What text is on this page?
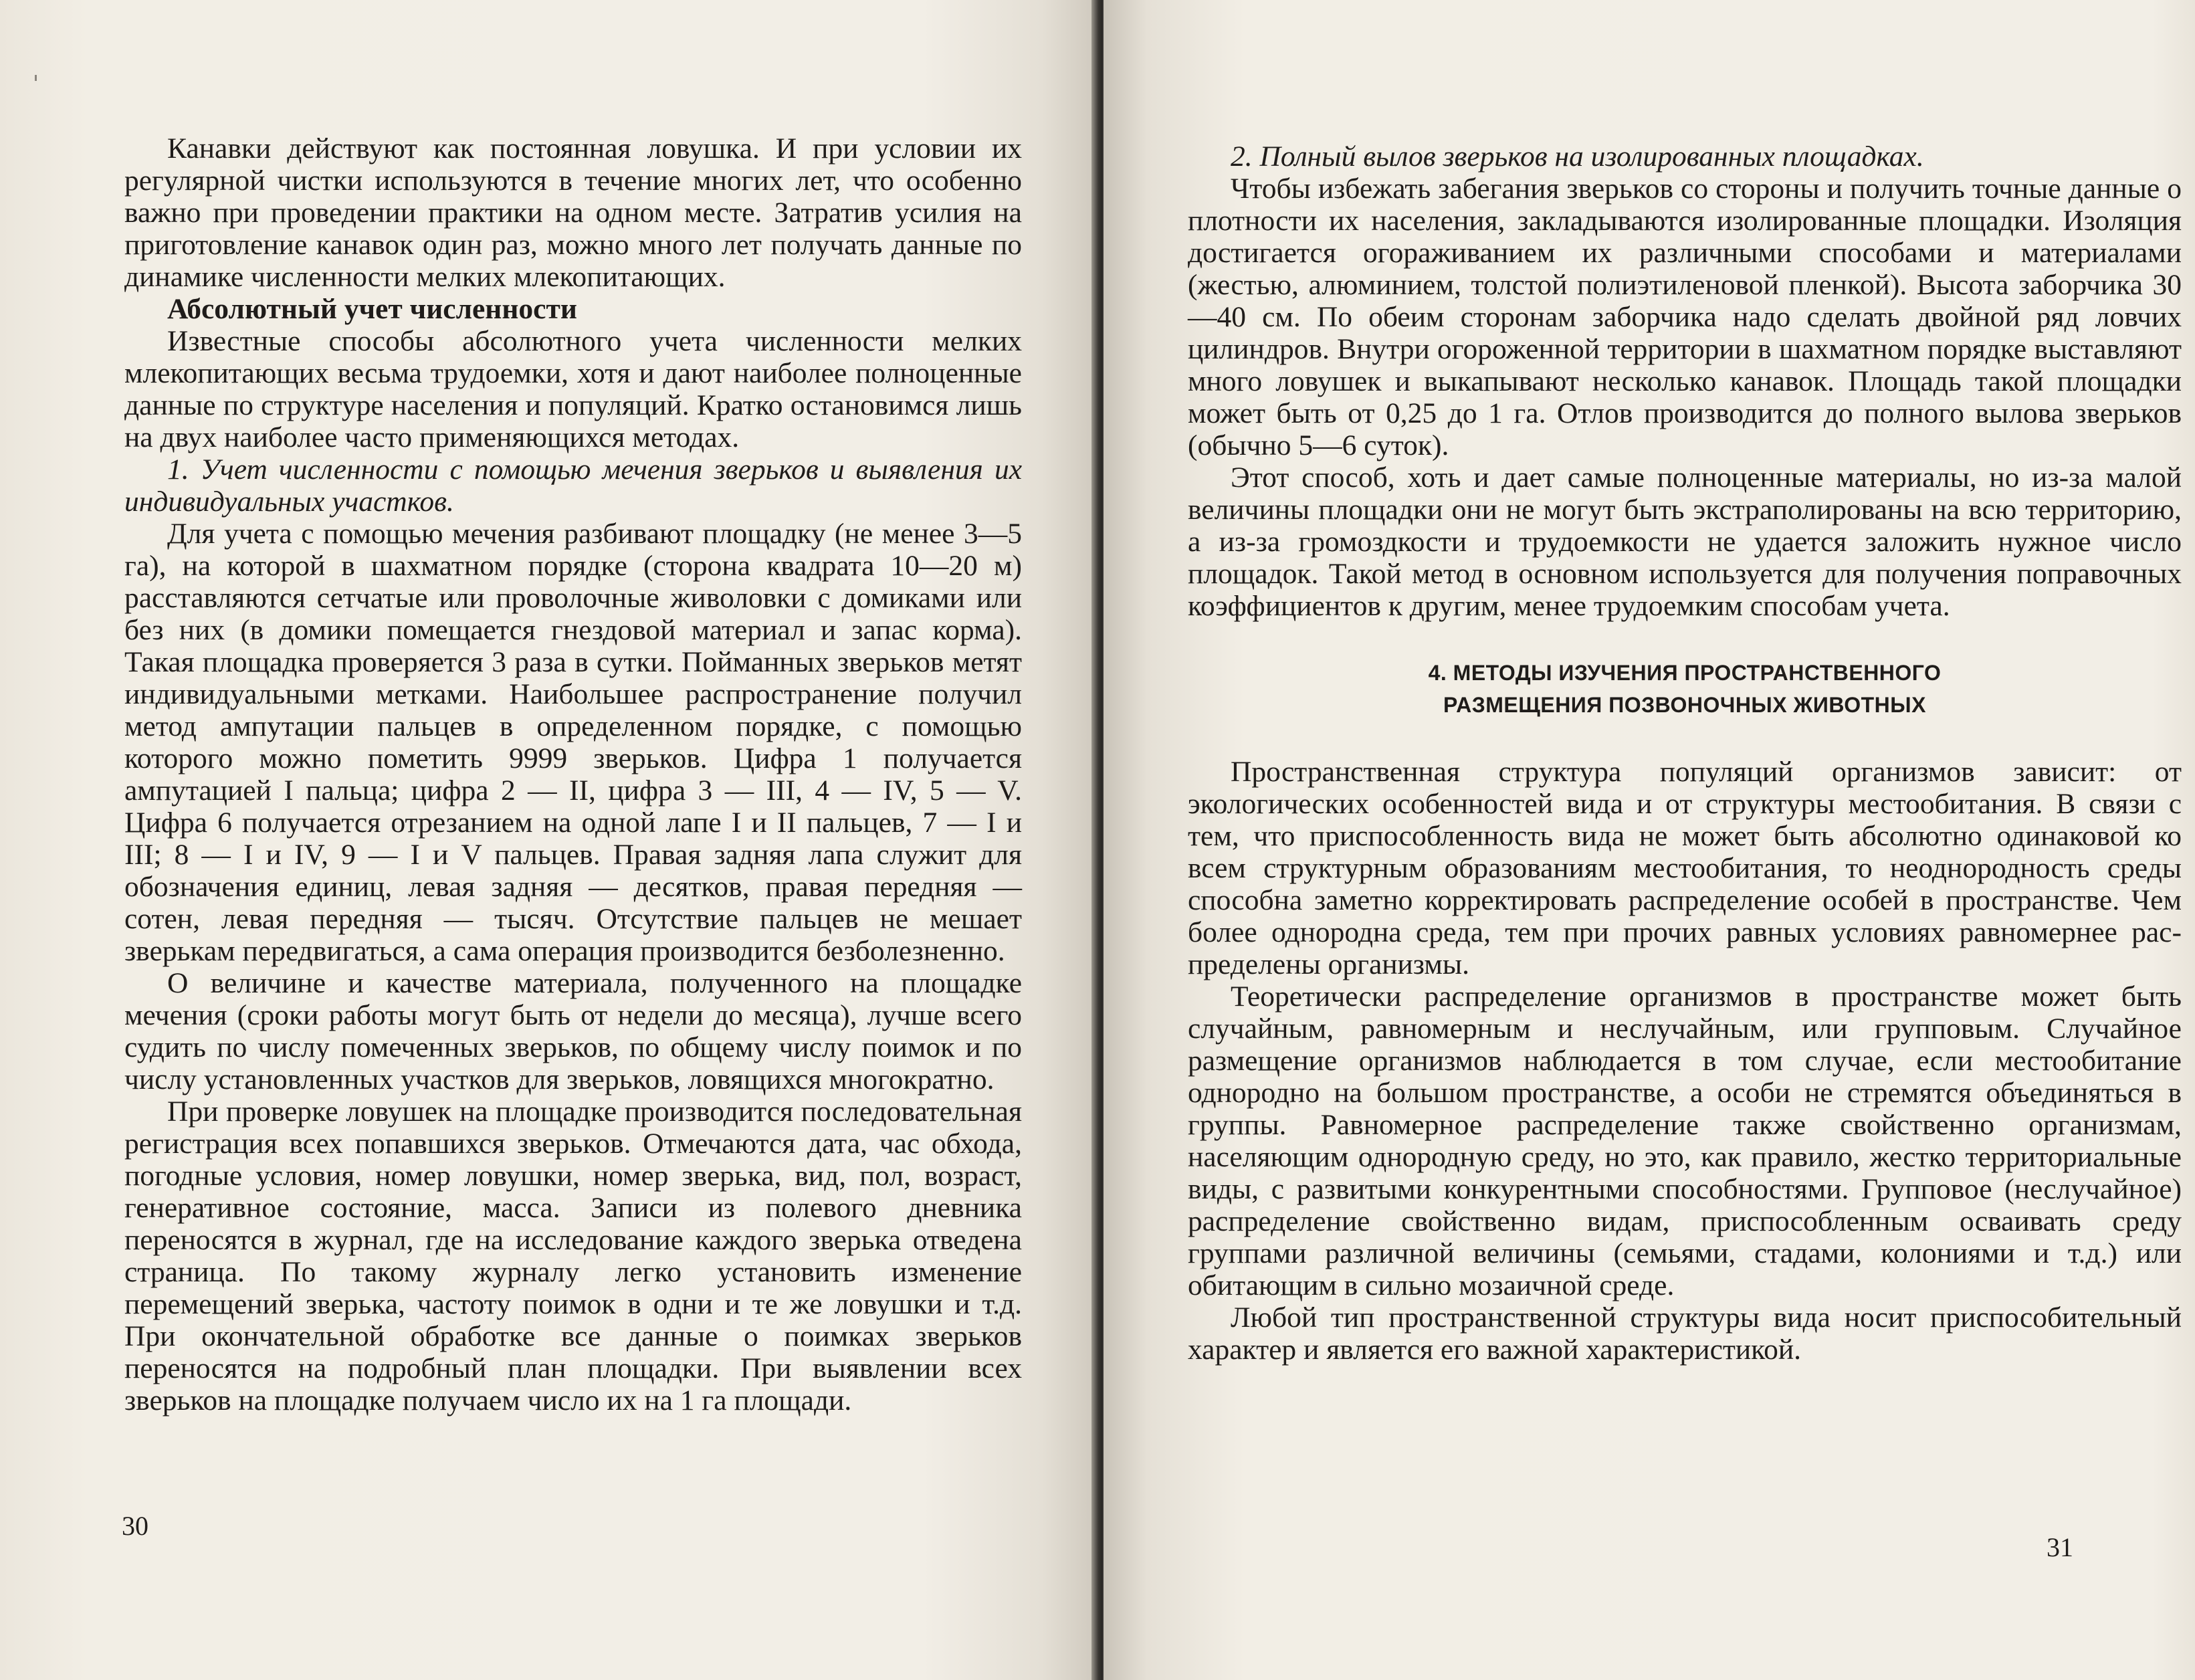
Канавки действуют как постоянная ловушка. И при условии их регулярной чистки используются в течение многих лет, что особенно важно при проведении практики на одном месте. Затратив усилия на приготовление канавок один раз, можно много лет получать данные по динамике численности мелких млекопитающих.

Абсолютный учет численности

Известные способы абсолютного учета численности мелких млекопитающих весьма трудоемки, хотя и дают наиболее полноценные данные по структуре населения и популяций. Кратко остановимся лишь на двух наиболее часто применяющихся методах.

1. Учет численности с помощью мечения зверьков и выявления их индивидуальных участков.

Для учета с помощью мечения разбивают площадку (не менее 3—5 га), на которой в шахматном порядке (сторона квадрата 10—20 м) расставляются сетчатые или проволочные живоловки с домиками или без них (в домики помещается гнездовой материал и запас корма). Такая площадка проверяется 3 раза в сутки. Пойманных зверьков метят индивидуальными метками. Наибольшее распространение получил метод ампутации пальцев в определенном порядке, с помощью которого можно пометить 9999 зверьков. Цифра 1 получается ампутацией I пальца; цифра 2 — II, цифра 3 — III, 4 — IV, 5 — V. Цифра 6 получается отрезанием на одной лапе I и II пальцев, 7 — I и III; 8 — I и IV, 9 — I и V пальцев. Правая задняя лапа служит для обозначения единиц, левая задняя — десятков, правая передняя — сотен, левая передняя — тысяч. Отсутствие пальцев не мешает зверькам передвигаться, а сама операция производится безболезненно.

О величине и качестве материала, полученного на площадке мечения (сроки работы могут быть от недели до месяца), лучше всего судить по числу помеченных зверьков, по общему числу поимок и по числу установленных участков для зверьков, ловящихся многократно.

При проверке ловушек на площадке производится последовательная регистрация всех попавшихся зверьков. Отмечаются дата, час обхода, погодные условия, номер ловушки, номер зверька, вид, пол, возраст, генеративное состояние, масса. Записи из полевого дневника переносятся в журнал, где на исследование каждого зверька отведена страница. По такому журналу легко установить изменение перемещений зверька, частоту поимок в одни и те же ловушки и т.д. При окончательной обработке все данные о поимках зверьков переносятся на подробный план площадки. При выявлении всех зверьков на площадке получаем число их на 1 га площади.

30

2. Полный вылов зверьков на изолированных площадках.

Чтобы избежать забегания зверьков со стороны и получить точные данные о плотности их населения, закладываются изолированные площадки. Изоляция достигается огораживанием их различными способами и материалами (жестью, алюминием, толстой полиэтиленовой пленкой). Высота заборчика 30—40 см. По обеим сторонам заборчика надо сделать двойной ряд ловчих цилиндров. Внутри огороженной территории в шахматном порядке выставляют много ловушек и выкапывают несколько канавок. Площадь такой площадки может быть от 0,25 до 1 га. Отлов производится до полного вылова зверьков (обычно 5—6 суток).

Этот способ, хоть и дает самые полноценные материалы, но из-за малой величины площадки они не могут быть экстраполированы на всю территорию, а из-за громоздкости и трудоемкости не удается заложить нужное число площадок. Такой метод в основном используется для получения поправочных коэффициентов к другим, менее трудоемким способам учета.

4. МЕТОДЫ ИЗУЧЕНИЯ ПРОСТРАНСТВЕННОГО
РАЗМЕЩЕНИЯ ПОЗВОНОЧНЫХ ЖИВОТНЫХ

Пространственная структура популяций организмов зависит: от экологических особенностей вида и от структуры местообитания. В связи с тем, что приспособленность вида не может быть абсолютно одинаковой ко всем структурным образованиям местообитания, то неоднородность среды способна заметно корректировать распределение особей в пространстве. Чем более однородна среда, тем при прочих равных условиях равномернее распределены организмы.

Теоретически распределение организмов в пространстве может быть случайным, равномерным и неслучайным, или групповым. Случайное размещение организмов наблюдается в том случае, если местообитание однородно на большом пространстве, а особи не стремятся объединяться в группы. Равномерное распределение также свойственно организмам, населяющим однородную среду, но это, как правило, жестко территориальные виды, с развитыми конкурентными способностями. Групповое (неслучайное) распределение свойственно видам, приспособленным осваивать среду группами различной величины (семьями, стадами, колониями и т.д.) или обитающим в сильно мозаичной среде.

Любой тип пространственной структуры вида носит приспособительный характер и является его важной характеристикой.

31
